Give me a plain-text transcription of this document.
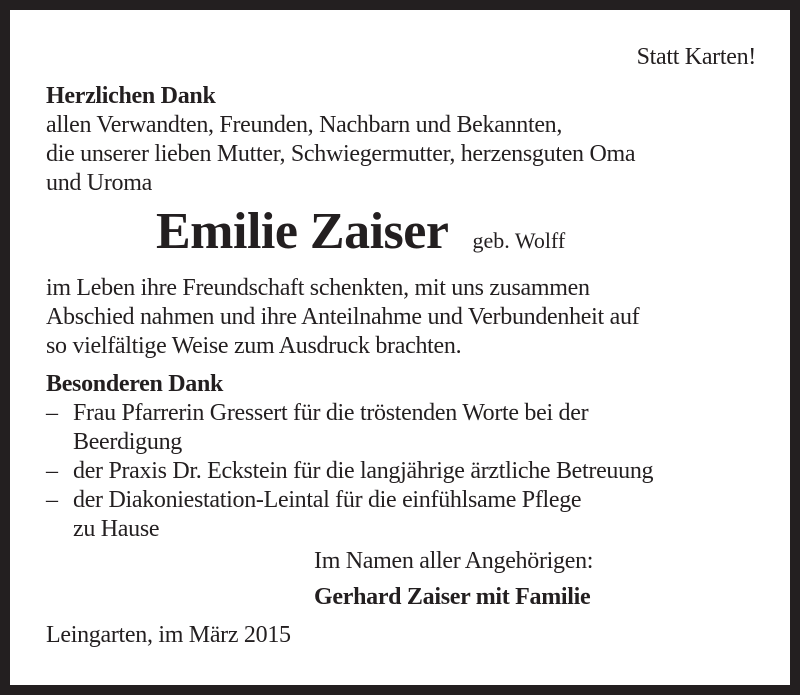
Statt Karten!
Herzlichen Dank
allen Verwandten, Freunden, Nachbarn und Bekannten,
die unserer lieben Mutter, Schwiegermutter, herzensguten Oma
und Uroma
Emilie Zaiser geb. Wolff
im Leben ihre Freundschaft schenkten, mit uns zusammen
Abschied nahmen und ihre Anteilnahme und Verbundenheit auf
so vielfältige Weise zum Ausdruck brachten.
Besonderen Dank
– Frau Pfarrerin Gressert für die tröstenden Worte bei der
Beerdigung
– der Praxis Dr. Eckstein für die langjährige ärztliche Betreuung
– der Diakoniestation-Leintal für die einfühlsame Pflege
zu Hause
Im Namen aller Angehörigen:
Gerhard Zaiser mit Familie
Leingarten, im März 2015
